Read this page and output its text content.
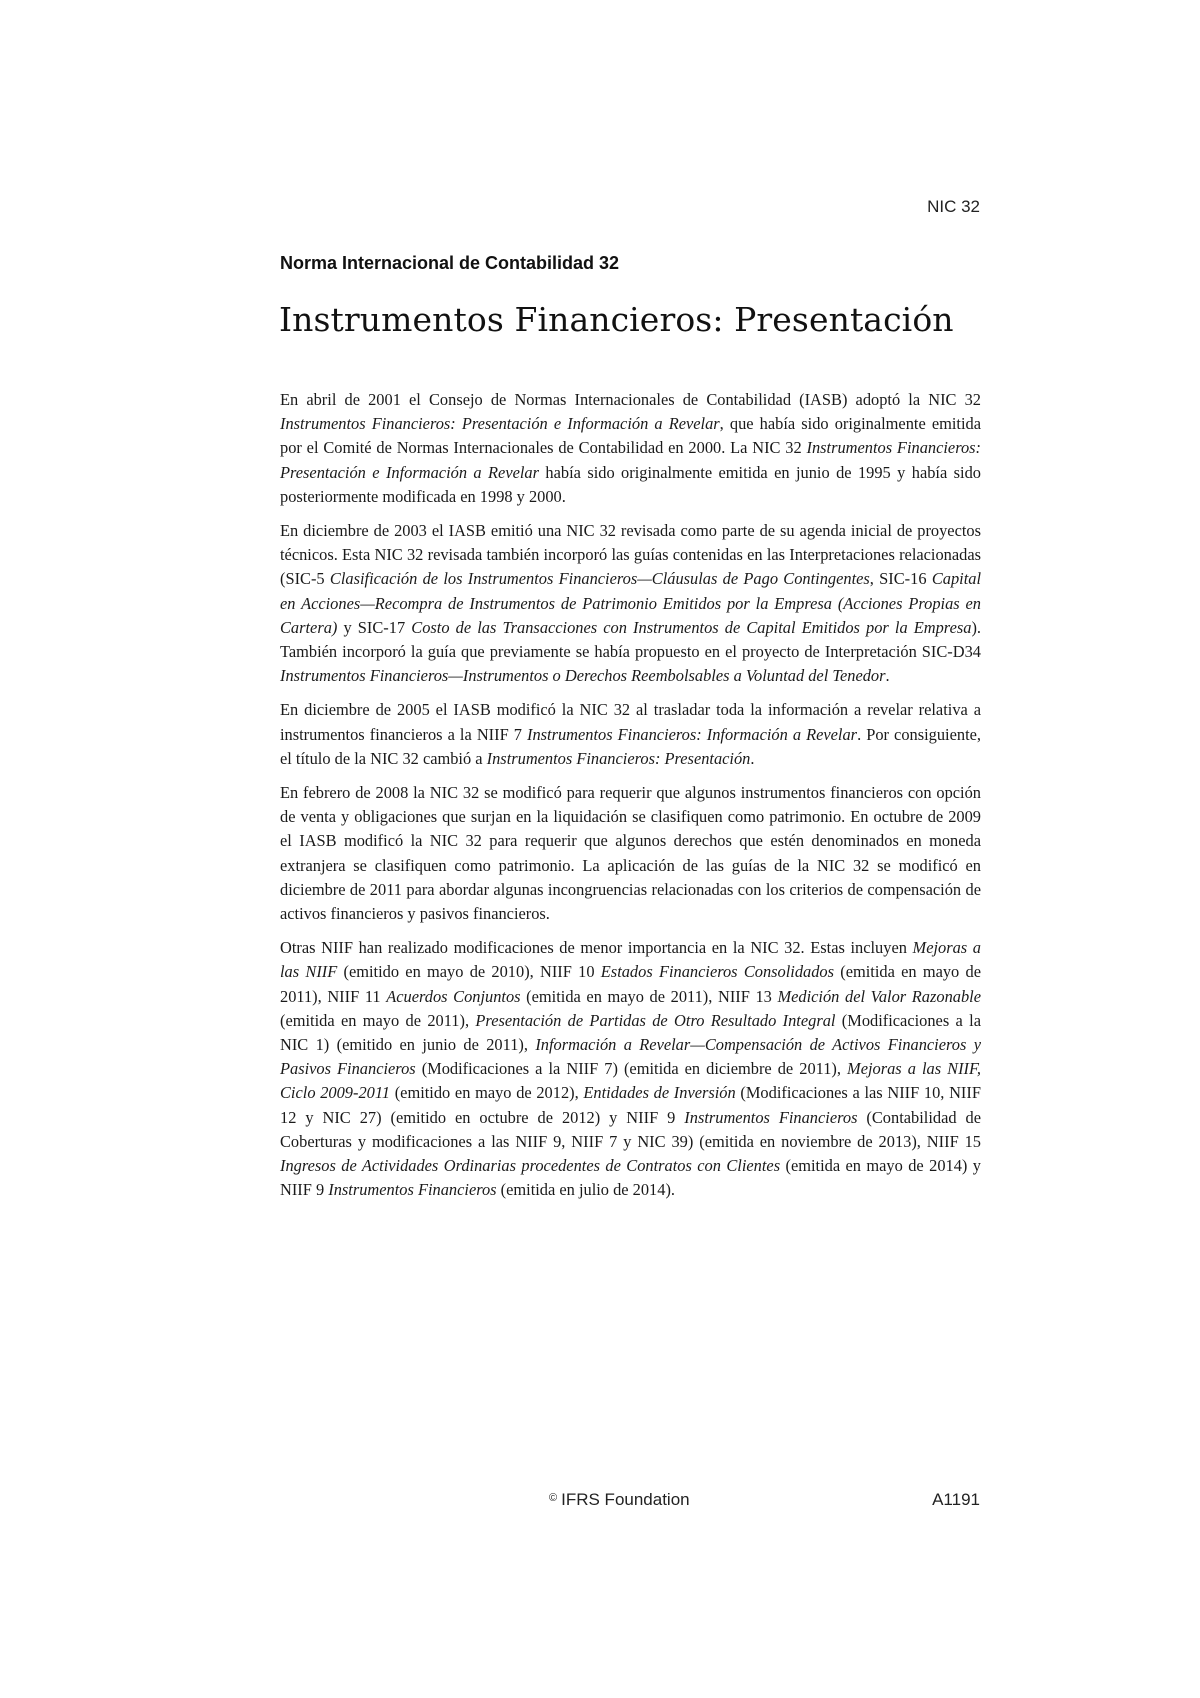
NIC 32
Norma Internacional de Contabilidad 32
Instrumentos Financieros: Presentación

En abril de 2001 el Consejo de Normas Internacionales de Contabilidad (IASB) adoptó la NIC 32 Instrumentos Financieros: Presentación e Información a Revelar, que había sido originalmente emitida por el Comité de Normas Internacionales de Contabilidad en 2000. La NIC 32 Instrumentos Financieros: Presentación e Información a Revelar había sido originalmente emitida en junio de 1995 y había sido posteriormente modificada en 1998 y 2000.

En diciembre de 2003 el IASB emitió una NIC 32 revisada como parte de su agenda inicial de proyectos técnicos. Esta NIC 32 revisada también incorporó las guías contenidas en las Interpretaciones relacionadas (SIC-5 Clasificación de los Instrumentos Financieros—Cláusulas de Pago Contingentes, SIC-16 Capital en Acciones—Recompra de Instrumentos de Patrimonio Emitidos por la Empresa (Acciones Propias en Cartera) y SIC-17 Costo de las Transacciones con Instrumentos de Capital Emitidos por la Empresa). También incorporó la guía que previamente se había propuesto en el proyecto de Interpretación SIC-D34 Instrumentos Financieros—Instrumentos o Derechos Reembolsables a Voluntad del Tenedor.

En diciembre de 2005 el IASB modificó la NIC 32 al trasladar toda la información a revelar relativa a instrumentos financieros a la NIIF 7 Instrumentos Financieros: Información a Revelar. Por consiguiente, el título de la NIC 32 cambió a Instrumentos Financieros: Presentación.

En febrero de 2008 la NIC 32 se modificó para requerir que algunos instrumentos financieros con opción de venta y obligaciones que surjan en la liquidación se clasifiquen como patrimonio. En octubre de 2009 el IASB modificó la NIC 32 para requerir que algunos derechos que estén denominados en moneda extranjera se clasifiquen como patrimonio. La aplicación de las guías de la NIC 32 se modificó en diciembre de 2011 para abordar algunas incongruencias relacionadas con los criterios de compensación de activos financieros y pasivos financieros.

Otras NIIF han realizado modificaciones de menor importancia en la NIC 32. Estas incluyen Mejoras a las NIIF (emitido en mayo de 2010), NIIF 10 Estados Financieros Consolidados (emitida en mayo de 2011), NIIF 11 Acuerdos Conjuntos (emitida en mayo de 2011), NIIF 13 Medición del Valor Razonable (emitida en mayo de 2011), Presentación de Partidas de Otro Resultado Integral (Modificaciones a la NIC 1) (emitido en junio de 2011), Información a Revelar—Compensación de Activos Financieros y Pasivos Financieros (Modificaciones a la NIIF 7) (emitida en diciembre de 2011), Mejoras a las NIIF, Ciclo 2009-2011 (emitido en mayo de 2012), Entidades de Inversión (Modificaciones a las NIIF 10, NIIF 12 y NIC 27) (emitido en octubre de 2012) y NIIF 9 Instrumentos Financieros (Contabilidad de Coberturas y modificaciones a las NIIF 9, NIIF 7 y NIC 39) (emitida en noviembre de 2013), NIIF 15 Ingresos de Actividades Ordinarias procedentes de Contratos con Clientes (emitida en mayo de 2014) y NIIF 9 Instrumentos Financieros (emitida en julio de 2014).

© IFRS Foundation	A1191
